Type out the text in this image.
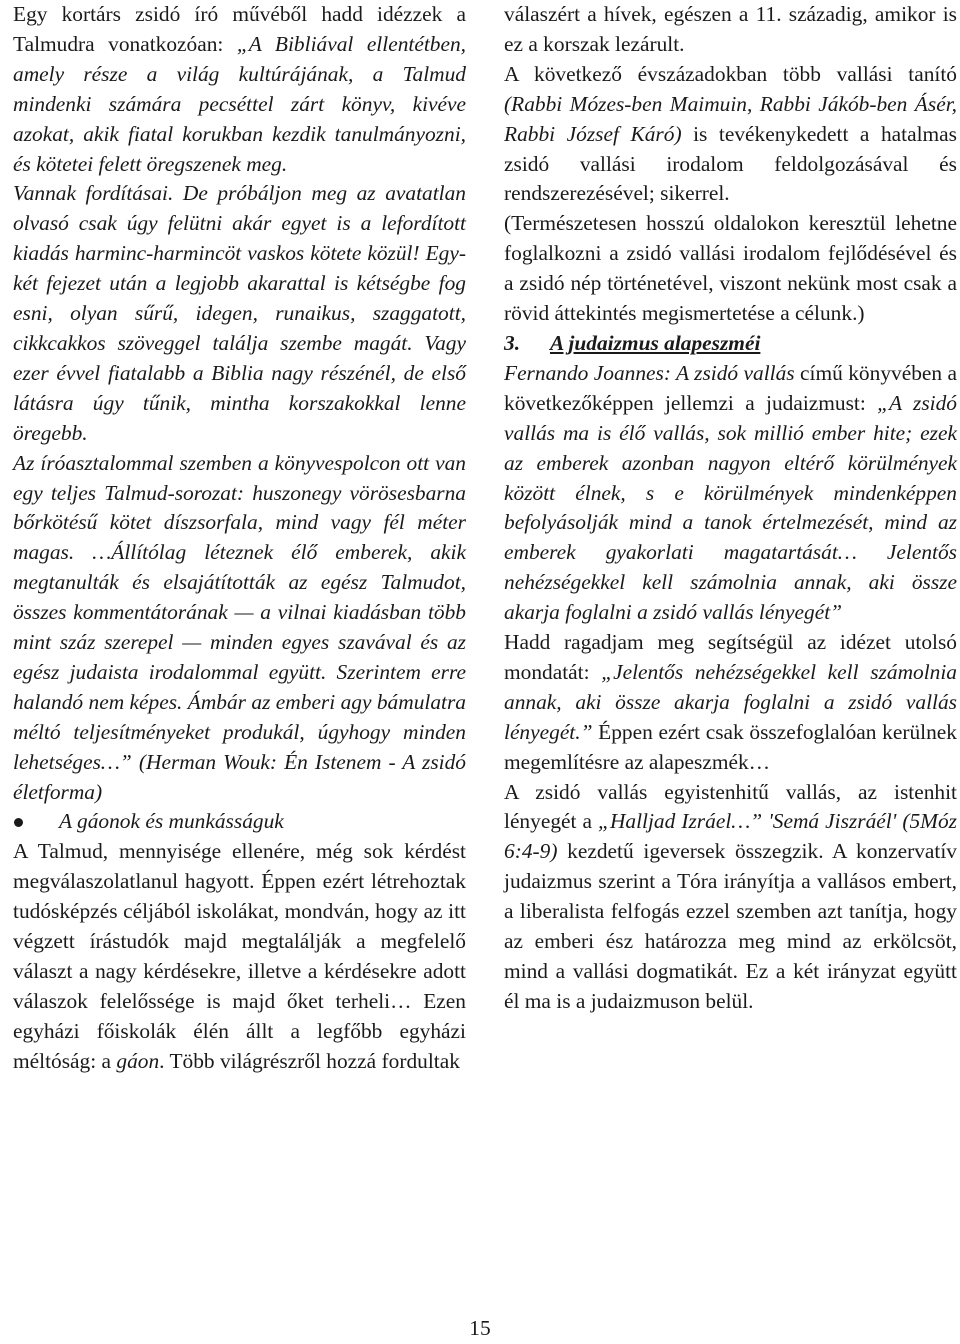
Egy kortárs zsidó író művéből hadd idézzek a Talmudra vonatkozóan: „A Bibliával ellentétben, amely része a világ kultúrájának, a Talmud mindenki számára pecséttel zárt könyv, kivéve azokat, akik fiatal korukban kezdik tanulmányozni, és kötetei felett öregszenek meg.

Vannak fordításai. De próbáljon meg az avatatlan olvasó csak úgy felütni akár egyet is a lefordított kiadás harminc-harmincöt vaskos kötete közül! Egy-két fejezet után a legjobb akarattal is kétségbe fog esni, olyan sűrű, idegen, runaikus, szaggatott, cikkcakkos szöveggel találja szembe magát. Vagy ezer évvel fiatalabb a Biblia nagy részénél, de első látásra úgy tűnik, mintha korszakokkal lenne öregebb.

Az íróasztalommal szemben a könyvespolcon ott van egy teljes Talmud-sorozat: huszonegy vörösesbarna bőrkötésű kötet díszsorfala, mind vagy fél méter magas. …Állítólag léteznek élő emberek, akik megtanulták és elsajátították az egész Talmudot, összes kommentátorának — a vilnai kiadásban több mint száz szerepel — minden egyes szavával és az egész judaista irodalommal együtt. Szerintem erre halandó nem képes. Ámbár az emberi agy bámulatra méltó teljesítményeket produkál, úgyhogy minden lehetséges…” (Herman Wouk: Én Istenem - A zsidó életforma)

A gáonok és munkásságuk

A Talmud, mennyisége ellenére, még sok kérdést megválaszolatlanul hagyott. Éppen ezért létrehoztak tudósképzés céljából iskolákat, mondván, hogy az itt végzett írástudók majd megtalálják a megfelelő választ a nagy kérdésekre, illetve a kérdésekre adott válaszok felelőssége is majd őket terheli… Ezen egyházi főiskolák élén állt a legfőbb egyházi méltóság: a gáon. Több világrészről hozzá fordultak

válaszért a hívek, egészen a 11. századig, amikor is ez a korszak lezárult.

A következő évszázadokban több vallási tanító (Rabbi Mózes-ben Maimuin, Rabbi Jákób-ben Ásér, Rabbi József Káró) is tevékenykedett a hatalmas zsidó vallási irodalom feldolgozásával és rendszerezésével; sikerrel.

(Természetesen hosszú oldalokon keresztül lehetne foglalkozni a zsidó vallási irodalom fejlődésével és a zsidó nép történetével, viszont nekünk most csak a rövid áttekintés megismertetése a célunk.)

3. A judaizmus alapeszméi

Fernando Joannes: A zsidó vallás című könyvében a következőképpen jellemzi a judaizmust: „A zsidó vallás ma is élő vallás, sok millió ember hite; ezek az emberek azonban nagyon eltérő körülmények között élnek, s e körülmények mindenképpen befolyásolják mind a tanok értelmezését, mind az emberek gyakorlati magatartását… Jelentős nehézségekkel kell számolnia annak, aki össze akarja foglalni a zsidó vallás lényegét”

Hadd ragadjam meg segítségül az idézet utolsó mondatát: „Jelentős nehézségekkel kell számolnia annak, aki össze akarja foglalni a zsidó vallás lényegét.” Éppen ezért csak összefoglalóan kerülnek megemlítésre az alapeszmék…

A zsidó vallás egyistenhitű vallás, az istenhit lényegét a „Halljad Izráel…” 'Semá Jiszráél' (5Móz 6:4-9) kezdetű igeversek összegzik. A konzervatív judaizmus szerint a Tóra irányítja a vallásos embert, a liberalista felfogás ezzel szemben azt tanítja, hogy az emberi ész határozza meg mind az erkölcsöt, mind a vallási dogmatikát. Ez a két irányzat együtt él ma is a judaizmuson belül.

15
